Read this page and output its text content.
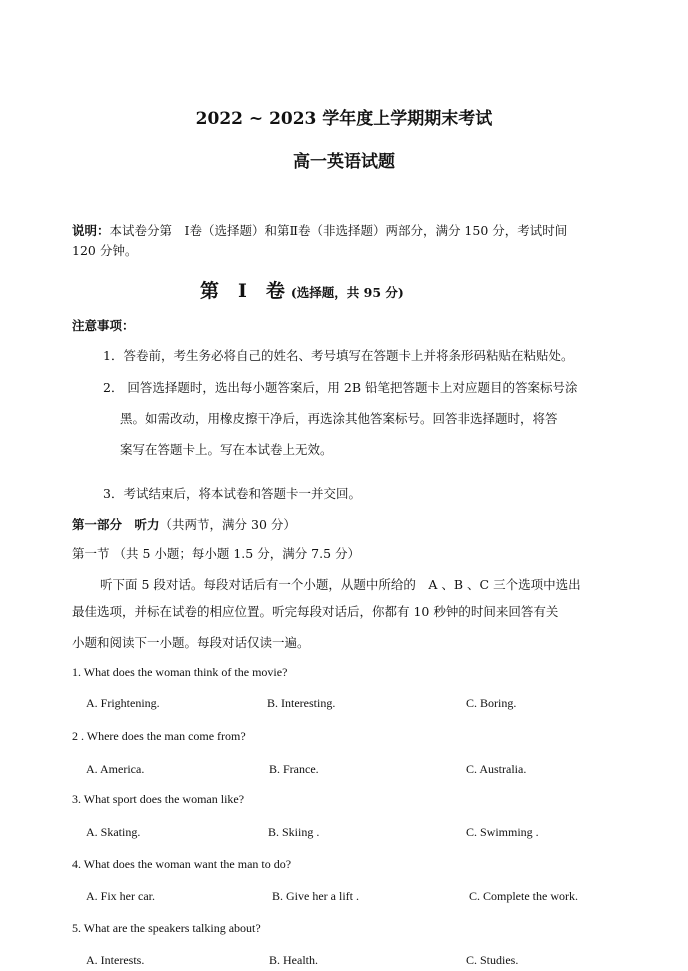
2022 ~ 2023 学年度上学期期末考试
高一英语试题
说明：本试卷分第　Ⅰ卷（选择题）和第Ⅱ卷（非选择题）两部分，满分 150 分，考试时间
120 分钟。
第　Ⅰ　卷 (选择题，共 95 分)
注意事项：
1．答卷前，考生务必将自己的姓名、考号填写在答题卡上并将条形码粘贴在粘贴处。
2． 回答选择题时，选出每小题答案后，用 2B 铅笔把答题卡上对应题目的答案标号涂
黑。如需改动，用橡皮擦干净后，再选涂其他答案标号。回答非选择题时，将答
案写在答题卡上。写在本试卷上无效。
3．考试结束后，将本试卷和答题卡一并交回。
第一部分　听力（共两节，满分 30 分）
第一节 （共 5 小题；每小题 1.5 分，满分 7.5 分）
听下面 5 段对话。每段对话后有一个小题，从题中所给的　A 、B 、C 三个选项中选出
最佳选项，并标在试卷的相应位置。听完每段对话后，你都有 10 秒钟的时间来回答有关
小题和阅读下一小题。每段对话仅读一遍。
1. What does the woman think of the movie?
A. Frightening.	B. Interesting.	C. Boring.
2 . Where does the man come from?
A. America.	B. France.	C. Australia.
3. What sport does the woman like?
A. Skating.	B. Skiing .	C. Swimming .
4. What does the woman want the man to do?
A. Fix her car.	B. Give her a lift .	C. Complete the work.
5. What are the speakers talking about?
A. Interests.	B. Health.	C. Studies.
